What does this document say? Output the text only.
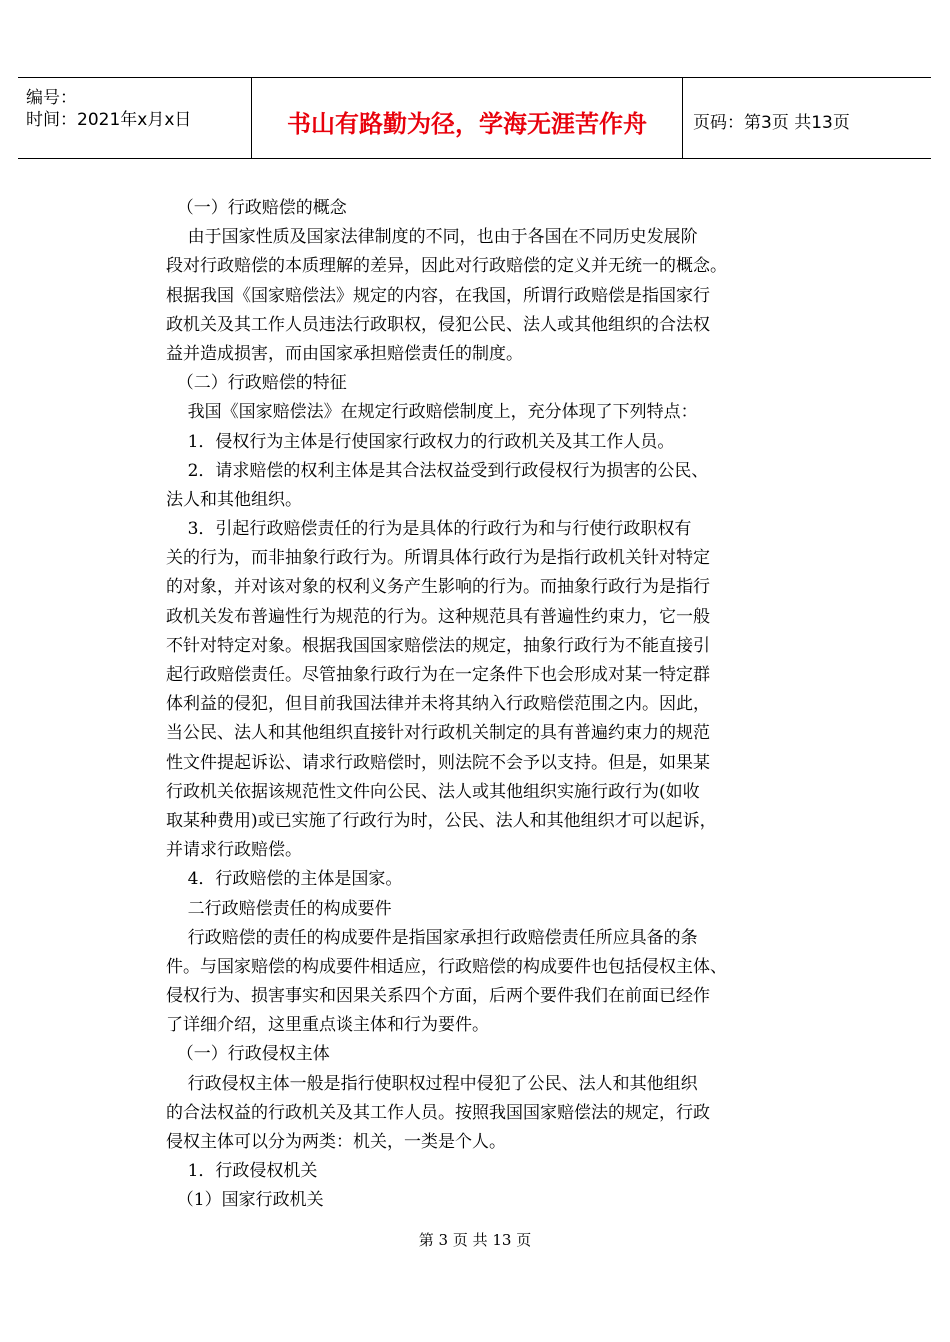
编号：
时间：2021年x月x日	书山有路勤为径，学海无涯苦作舟	页码：第3页 共13页
（一）行政赔偿的概念
由于国家性质及国家法律制度的不同，也由于各国在不同历史发展阶
段对行政赔偿的本质理解的差异，因此对行政赔偿的定义并无统一的概念。
根据我国《国家赔偿法》规定的内容，在我国，所谓行政赔偿是指国家行
政机关及其工作人员违法行政职权，侵犯公民、法人或其他组织的合法权
益并造成损害，而由国家承担赔偿责任的制度。
（二）行政赔偿的特征
我国《国家赔偿法》在规定行政赔偿制度上，充分体现了下列特点：
1．侵权行为主体是行使国家行政权力的行政机关及其工作人员。
2．请求赔偿的权利主体是其合法权益受到行政侵权行为损害的公民、
法人和其他组织。
3．引起行政赔偿责任的行为是具体的行政行为和与行使行政职权有
关的行为，而非抽象行政行为。所谓具体行政行为是指行政机关针对特定
的对象，并对该对象的权利义务产生影响的行为。而抽象行政行为是指行
政机关发布普遍性行为规范的行为。这种规范具有普遍性约束力，它一般
不针对特定对象。根据我国国家赔偿法的规定，抽象行政行为不能直接引
起行政赔偿责任。尽管抽象行政行为在一定条件下也会形成对某一特定群
体利益的侵犯，但目前我国法律并未将其纳入行政赔偿范围之内。因此，
当公民、法人和其他组织直接针对行政机关制定的具有普遍约束力的规范
性文件提起诉讼、请求行政赔偿时，则法院不会予以支持。但是，如果某
行政机关依据该规范性文件向公民、法人或其他组织实施行政行为(如收
取某种费用)或已实施了行政行为时，公民、法人和其他组织才可以起诉，
并请求行政赔偿。
4．行政赔偿的主体是国家。
二行政赔偿责任的构成要件
行政赔偿的责任的构成要件是指国家承担行政赔偿责任所应具备的条
件。与国家赔偿的构成要件相适应，行政赔偿的构成要件也包括侵权主体、
侵权行为、损害事实和因果关系四个方面，后两个要件我们在前面已经作
了详细介绍，这里重点谈主体和行为要件。
（一）行政侵权主体
行政侵权主体一般是指行使职权过程中侵犯了公民、法人和其他组织
的合法权益的行政机关及其工作人员。按照我国国家赔偿法的规定，行政
侵权主体可以分为两类：机关，一类是个人。
1．行政侵权机关
（1）国家行政机关
第 3 页 共 13 页
